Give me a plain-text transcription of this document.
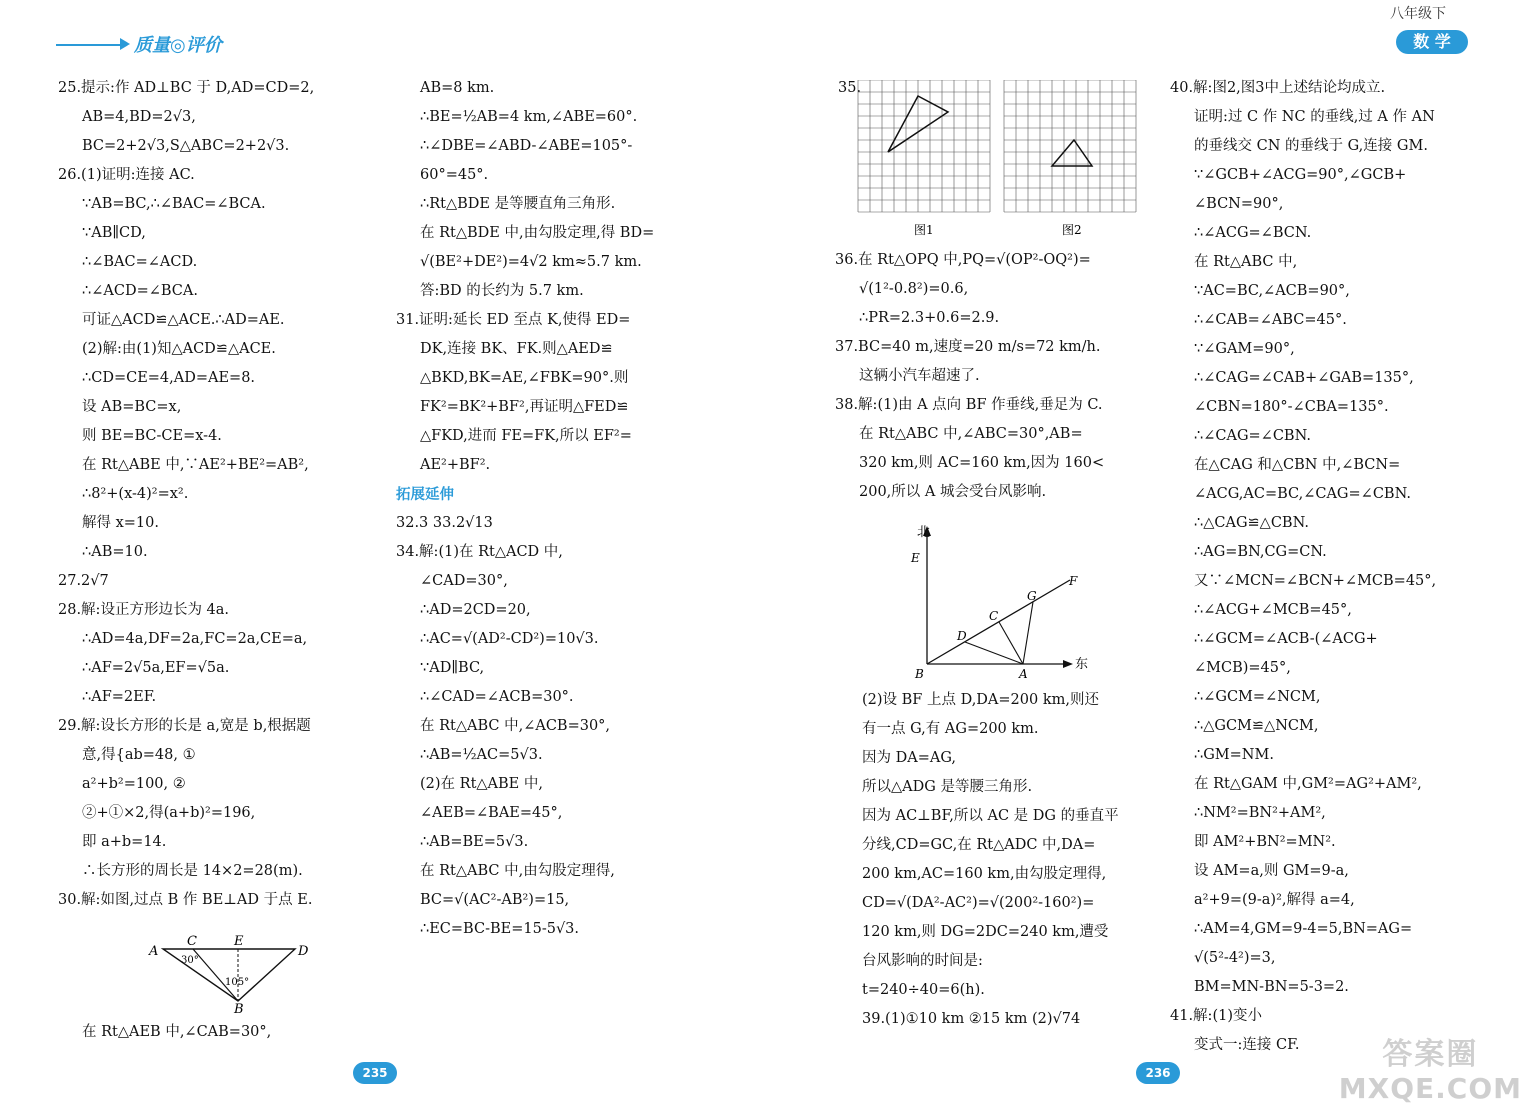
质量◎评价
八年级下
数 学
25.提示:作 AD⊥BC 于 D,AD=CD=2,
AB=4,BD=2√3,
BC=2+2√3,S△ABC=2+2√3.
26.(1)证明:连接 AC.
∵AB=BC,∴∠BAC=∠BCA.
∵AB∥CD,
∴∠BAC=∠ACD.
∴∠ACD=∠BCA.
可证△ACD≌△ACE.∴AD=AE.
(2)解:由(1)知△ACD≌△ACE.
∴CD=CE=4,AD=AE=8.
设 AB=BC=x,
则 BE=BC-CE=x-4.
在 Rt△ABE 中,∵AE²+BE²=AB²,
∴8²+(x-4)²=x².
解得 x=10.
∴AB=10.
27.2√7
28.解:设正方形边长为 4a.
∴AD=4a,DF=2a,FC=2a,CE=a,
∴AF=2√5a,EF=√5a.
∴AF=2EF.
29.解:设长方形的长是 a,宽是 b,根据题
意,得{ab=48, ①
a²+b²=100, ②
②+①×2,得(a+b)²=196,
即 a+b=14.
∴长方形的周长是 14×2=28(m).
30.解:如图,过点 B 作 BE⊥AD 于点 E.
A
C	E
D
B
30°
105°
在 Rt△AEB 中,∠CAB=30°,
AB=8 km.
∴BE=½AB=4 km,∠ABE=60°.
∴∠DBE=∠ABD-∠ABE=105°-
60°=45°.
∴Rt△BDE 是等腰直角三角形.
在 Rt△BDE 中,由勾股定理,得 BD=
√(BE²+DE²)=4√2 km≈5.7 km.
答:BD 的长约为 5.7 km.
31.证明:延长 ED 至点 K,使得 ED=
DK,连接 BK、FK.则△AED≌
△BKD,BK=AE,∠FBK=90°.则
FK²=BK²+BF²,再证明△FED≌
△FKD,进而 FE=FK,所以 EF²=
AE²+BF².
拓展延伸
32.3 33.2√13
34.解:(1)在 Rt△ACD 中,
∠CAD=30°,
∴AD=2CD=20,
∴AC=√(AD²-CD²)=10√3.
∵AD∥BC,
∴∠CAD=∠ACB=30°.
在 Rt△ABC 中,∠ACB=30°,
∴AB=½AC=5√3.
(2)在 Rt△ABE 中,
∠AEB=∠BAE=45°,
∴AB=BE=5√3.
在 Rt△ABC 中,由勾股定理得,
BC=√(AC²-AB²)=15,
∴EC=BC-BE=15-5√3.
35.
图1	图2
36.在 Rt△OPQ 中,PQ=√(OP²-OQ²)=
√(1²-0.8²)=0.6,
∴PR=2.3+0.6=2.9.
37.BC=40 m,速度=20 m/s=72 km/h.
这辆小汽车超速了.
38.解:(1)由 A 点向 BF 作垂线,垂足为 C.
在 Rt△ABC 中,∠ABC=30°,AB=
320 km,则 AC=160 km,因为 160<
200,所以 A 城会受台风影响.
北
东
E
F
G
C
D
B	A
(2)设 BF 上点 D,DA=200 km,则还
有一点 G,有 AG=200 km.
因为 DA=AG,
所以△ADG 是等腰三角形.
因为 AC⊥BF,所以 AC 是 DG 的垂直平
分线,CD=GC,在 Rt△ADC 中,DA=
200 km,AC=160 km,由勾股定理得,
CD=√(DA²-AC²)=√(200²-160²)=
120 km,则 DG=2DC=240 km,遭受
台风影响的时间是:
t=240÷40=6(h).
39.(1)①10 km ②15 km (2)√74
40.解:图2,图3中上述结论均成立.
证明:过 C 作 NC 的垂线,过 A 作 AN
的垂线交 CN 的垂线于 G,连接 GM.
∵∠GCB+∠ACG=90°,∠GCB+
∠BCN=90°,
∴∠ACG=∠BCN.
在 Rt△ABC 中,
∵AC=BC,∠ACB=90°,
∴∠CAB=∠ABC=45°.
∵∠GAM=90°,
∴∠CAG=∠CAB+∠GAB=135°,
∠CBN=180°-∠CBA=135°.
∴∠CAG=∠CBN.
在△CAG 和△CBN 中,∠BCN=
∠ACG,AC=BC,∠CAG=∠CBN.
∴△CAG≌△CBN.
∴AG=BN,CG=CN.
又∵∠MCN=∠BCN+∠MCB=45°,
∴∠ACG+∠MCB=45°,
∴∠GCM=∠ACB-(∠ACG+
∠MCB)=45°,
∴∠GCM=∠NCM,
∴△GCM≌△NCM,
∴GM=NM.
在 Rt△GAM 中,GM²=AG²+AM²,
∴NM²=BN²+AM²,
即 AM²+BN²=MN².
设 AM=a,则 GM=9-a,
a²+9=(9-a)²,解得 a=4,
∴AM=4,GM=9-4=5,BN=AG=
√(5²-4²)=3,
BM=MN-BN=5-3=2.
41.解:(1)变小
变式一:连接 CF.
235	236
答案圈
MXQE.COM
